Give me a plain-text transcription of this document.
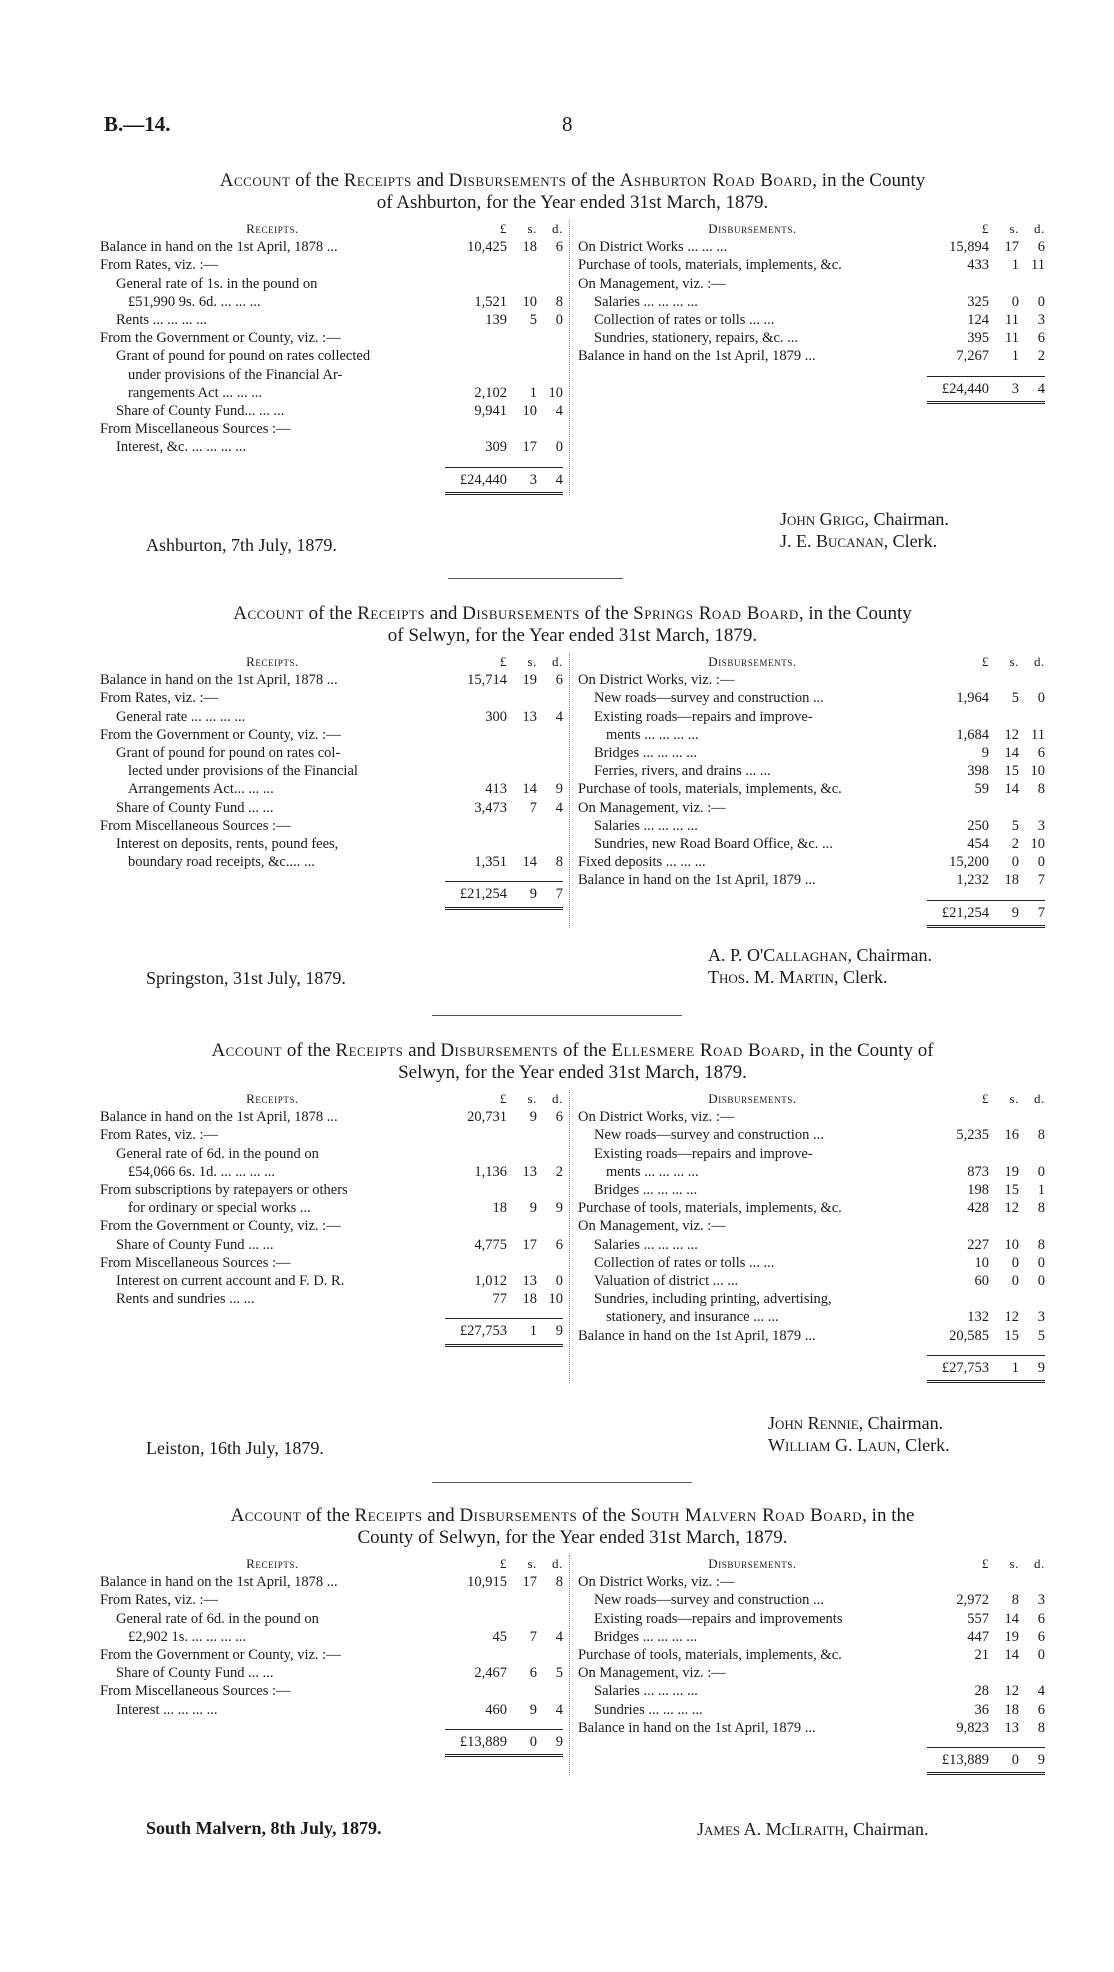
B.—14.	8

Account of the Receipts and Disbursements of the Ashburton Road Board, in the County
of Ashburton, for the Year ended 31st March, 1879.

Receipts.	£	s.	d.
Balance in hand on the 1st April, 1878 ...	10,425	18	6
From Rates, viz. :—
General rate of 1s. in the pound on
£51,990 9s. 6d. ... ... ...	1,521	10	8
Rents ... ... ... ...	139	5	0
From the Government or County, viz. :—
Grant of pound for pound on rates collected
under provisions of the Financial Ar-
rangements Act ... ... ...	2,102	1 10
Share of County Fund... ... ...	9,941	10	4
From Miscellaneous Sources :—
Interest, &c. ... ... ... ...	309	17	0
£24,440	3	4
Disbursements.	£	s.	d.
On District Works ... ... ...	15,894	17	6
Purchase of tools, materials, implements, &c.	433	1 11
On Management, viz. :—
Salaries ... ... ... ...	325	0	0
Collection of rates or tolls ... ...	124	11	3
Sundries, stationery, repairs, &c. ...	395	11	6
Balance in hand on the 1st April, 1879 ...	7,267	1	2
£24,440	3	4

Account of the Receipts and Disbursements of the Springs Road Board, in the County
of Selwyn, for the Year ended 31st March, 1879.

Receipts.	£	s.	d.
Balance in hand on the 1st April, 1878 ...	15,714	19	6
From Rates, viz. :—
General rate ... ... ... ...	300	13	4
From the Government or County, viz. :—
Grant of pound for pound on rates col-
lected under provisions of the Financial
Arrangements Act... ... ...	413	14	9
Share of County Fund ... ...	3,473	7	4
From Miscellaneous Sources :—
Interest on deposits, rents, pound fees,
boundary road receipts, &c.... ...	1,351	14	8
£21,254	9	7
Disbursements.	£	s.	d.
On District Works, viz. :—
New roads—survey and construction ...	1,964	5	0
Existing roads—repairs and improve-
ments ... ... ... ...	1,684	12 11
Bridges ... ... ... ...	9	14	6
Ferries, rivers, and drains ... ...	398	15 10
Purchase of tools, materials, implements, &c.	59	14	8
On Management, viz. :—
Salaries ... ... ... ...	250	5	3
Sundries, new Road Board Office, &c. ...	454	2 10
Fixed deposits ... ... ...	15,200	0	0
Balance in hand on the 1st April, 1879 ...	1,232	18	7
£21,254	9	7

Account of the Receipts and Disbursements of the Ellesmere Road Board, in the County of
Selwyn, for the Year ended 31st March, 1879.

Receipts.	£	s.	d.
Balance in hand on the 1st April, 1878 ...	20,731	9	6
From Rates, viz. :—
General rate of 6d. in the pound on
£54,066 6s. 1d. ... ... ... ...	1,136	13	2
From subscriptions by ratepayers or others
for ordinary or special works ...	18	9	9
From the Government or County, viz. :—
Share of County Fund ... ...	4,775	17	6
From Miscellaneous Sources :—
Interest on current account and F. D. R.	1,012	13	0
Rents and sundries ... ...	77	18 10
£27,753	1	9
Disbursements.	£	s.	d.
On District Works, viz. :—
New roads—survey and construction ...	5,235	16	8
Existing roads—repairs and improve-
ments ... ... ... ...	873	19	0
Bridges ... ... ... ...	198	15	1
Purchase of tools, materials, implements, &c.	428	12	8
On Management, viz. :—
Salaries ... ... ... ...	227	10	8
Collection of rates or tolls ... ...	10	0	0
Valuation of district ... ...	60	0	0
Sundries, including printing, advertising,
stationery, and insurance ... ...	132	12	3
Balance in hand on the 1st April, 1879 ...	20,585	15	5
£27,753	1	9

Account of the Receipts and Disbursements of the South Malvern Road Board, in the
County of Selwyn, for the Year ended 31st March, 1879.

Receipts.	£	s.	d.
Balance in hand on the 1st April, 1878 ...	10,915	17	8
From Rates, viz. :—
General rate of 6d. in the pound on
£2,902 1s. ... ... ... ...	45	7	4
From the Government or County, viz. :—
Share of County Fund ... ...	2,467	6	5
From Miscellaneous Sources :—
Interest ... ... ... ...	460	9	4
£13,889	0	9
Disbursements.	£	s.	d.
On District Works, viz. :—
New roads—survey and construction ...	2,972	8	3
Existing roads—repairs and improvements	557	14	6
Bridges ... ... ... ...	447	19	6
Purchase of tools, materials, implements, &c.	21	14	0
On Management, viz. :—
Salaries ... ... ... ...	28	12	4
Sundries ... ... ... ...	36	18	6
Balance in hand on the 1st April, 1879 ...	9,823	13	8
£13,889	0	9
Ashburton, 7th July, 1879.
John Grigg, Chairman.
J. E. Bucanan, Clerk.
Springston, 31st July, 1879.
A. P. O'Callaghan, Chairman.
Thos. M. Martin, Clerk.
Leiston, 16th July, 1879.
John Rennie, Chairman.
William G. Laun, Clerk.
South Malvern, 8th July, 1879.	James A. McIlraith, Chairman.
